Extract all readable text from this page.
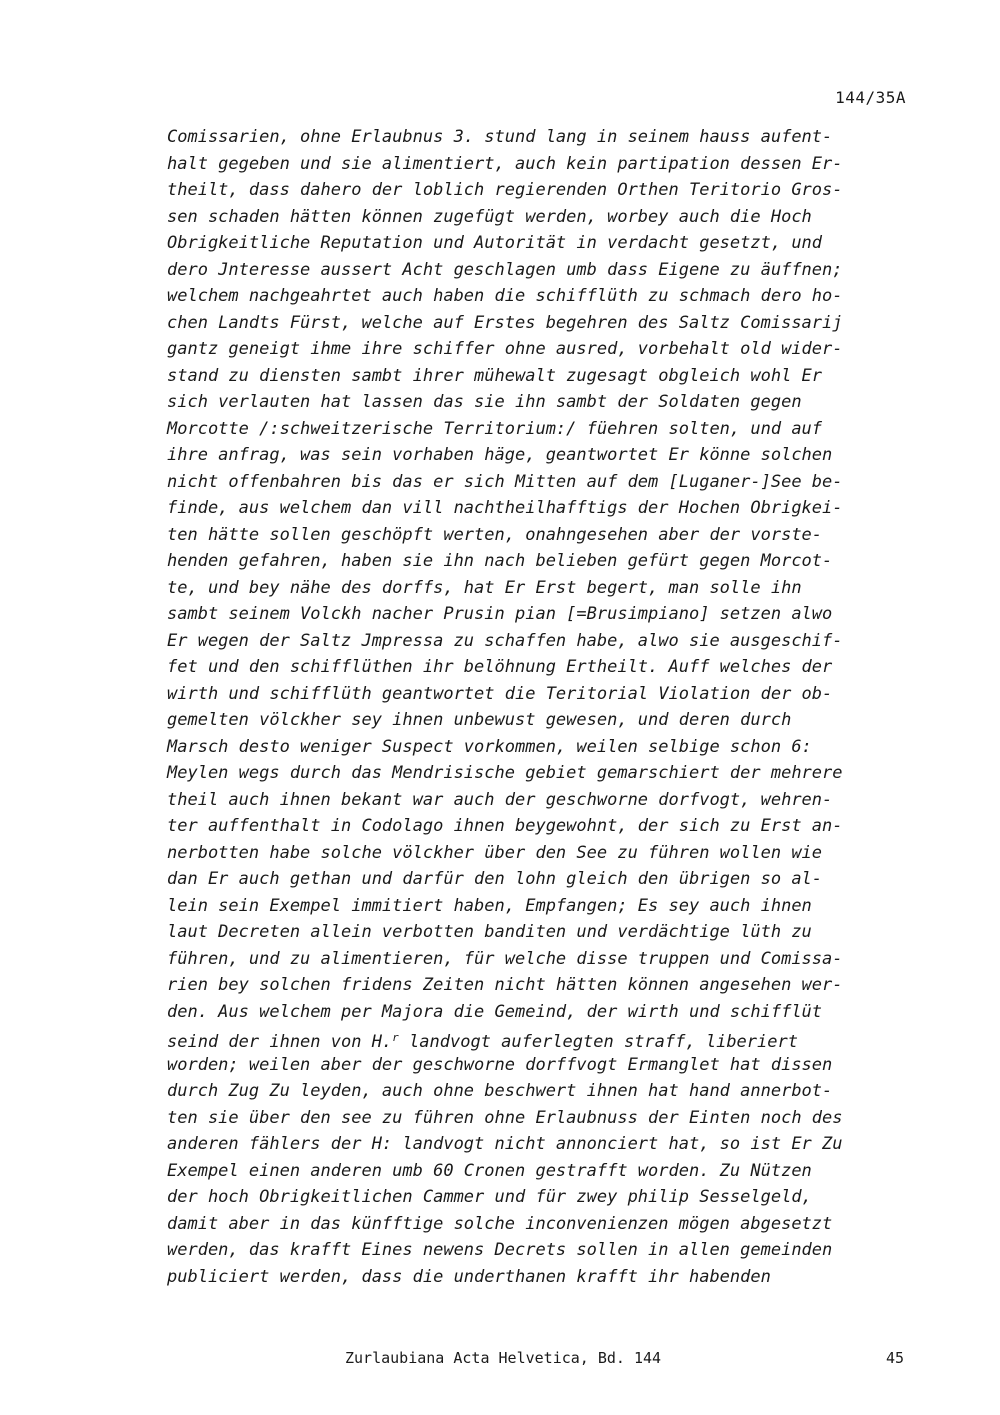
144/35A
Comissarien, ohne Erlaubnus 3. stund lang in seinem hauss aufent-
halt gegeben und sie alimentiert, auch kein partipation dessen Er-
theilt, dass dahero der loblich regierenden Orthen Teritorio Gros-
sen schaden hätten können zugefügt werden, worbey auch die Hoch
Obrigkeitliche Reputation und Autorität in verdacht gesetzt, und
dero Jnteresse aussert Acht geschlagen umb dass Eigene zu äuffnen;
welchem nachgeahrtet auch haben die schifflüth zu schmach dero ho-
chen Landts Fürst, welche auf Erstes begehren des Saltz Comissarij
gantz geneigt ihme ihre schiffer ohne ausred, vorbehalt old wider-
stand zu diensten sambt ihrer mühewalt zugesagt obgleich wohl Er
sich verlauten hat lassen das sie ihn sambt der Soldaten gegen
Morcotte /:schweitzerische Territorium:/ füehren solten, und auf
ihre anfrag, was sein vorhaben häge, geantwortet Er könne solchen
nicht offenbahren bis das er sich Mitten auf dem [Luganer-]See be-
finde, aus welchem dan vill nachtheilhafftigs der Hochen Obrigkei-
ten hätte sollen geschöpft werten, onahngesehen aber der vorste-
henden gefahren, haben sie ihn nach belieben gefürt gegen Morcot-
te, und bey nähe des dorffs, hat Er Erst begert, man solle ihn
sambt seinem Volckh nacher Prusin pian [=Brusimpiano] setzen alwo
Er wegen der Saltz Jmpressa zu schaffen habe, alwo sie ausgeschif-
fet und den schifflüthen ihr belöhnung Ertheilt. Auff welches der
wirth und schifflüth geantwortet die Teritorial Violation der ob-
gemelten völckher sey ihnen unbewust gewesen, und deren durch
Marsch desto weniger Suspect vorkommen, weilen selbige schon 6:
Meylen wegs durch das Mendrisische gebiet gemarschiert der mehrere
theil auch ihnen bekant war auch der geschworne dorfvogt, wehren-
ter auffenthalt in Codolago ihnen beygewohnt, der sich zu Erst an-
nerbotten habe solche völckher über den See zu führen wollen wie
dan Er auch gethan und darfür den lohn gleich den übrigen so al-
lein sein Exempel immitiert haben, Empfangen; Es sey auch ihnen
laut Decreten allein verbotten banditen und verdächtige lüth zu
führen, und zu alimentieren, für welche disse truppen und Comissa-
rien bey solchen fridens Zeiten nicht hätten können angesehen wer-
den. Aus welchem per Majora die Gemeind, der wirth und schifflüt
seind der ihnen von H.$^r$ landvogt auferlegten straff, liberiert
worden; weilen aber der geschworne dorffvogt Ermanglet hat dissen
durch Zug Zu leyden, auch ohne beschwert ihnen hat hand annerbot-
ten sie über den see zu führen ohne Erlaubnuss der Einten noch des
anderen fählers der H: landvogt nicht annonciert hat, so ist Er Zu
Exempel einen anderen umb 60 Cronen gestrafft worden. Zu Nützen
der hoch Obrigkeitlichen Cammer und für zwey philip Sesselgeld,
damit aber in das künfftige solche inconvenienzen mögen abgesetzt
werden, das krafft Eines newens Decrets sollen in allen gemeinden
publiciert werden, dass die underthanen krafft ihr habenden
Zurlaubiana Acta Helvetica, Bd. 144	45
